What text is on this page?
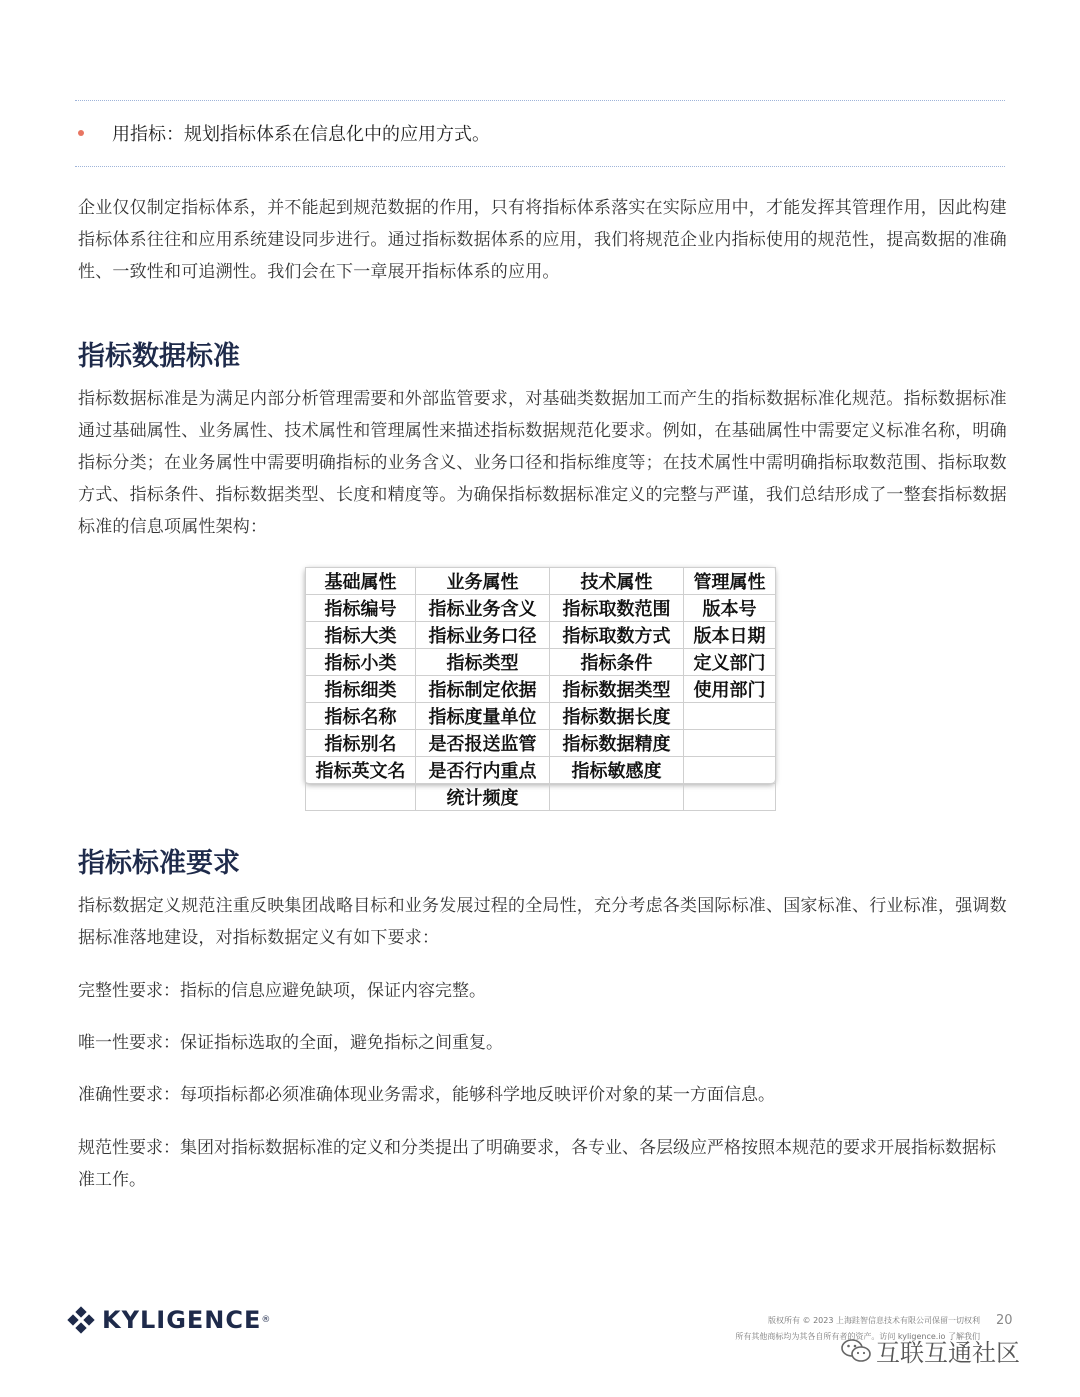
用指标：规划指标体系在信息化中的应用方式。

企业仅仅制定指标体系，并不能起到规范数据的作用，只有将指标体系落实在实际应用中，才能发挥其管理作用，因此构建指标体系往往和应用系统建设同步进行。通过指标数据体系的应用，我们将规范企业内指标使用的规范性，提高数据的准确性、一致性和可追溯性。我们会在下一章展开指标体系的应用。

指标数据标准

指标数据标准是为满足内部分析管理需要和外部监管要求，对基础类数据加工而产生的指标数据标准化规范。指标数据标准通过基础属性、业务属性、技术属性和管理属性来描述指标数据规范化要求。例如，在基础属性中需要定义标准名称，明确指标分类；在业务属性中需要明确指标的业务含义、业务口径和指标维度等；在技术属性中需明确指标取数范围、指标取数方式、指标条件、指标数据类型、长度和精度等。为确保指标数据标准定义的完整与严谨，我们总结形成了一整套指标数据标准的信息项属性架构：

基础属性	业务属性	技术属性	管理属性
指标编号	指标业务含义	指标取数范围	版本号
指标大类	指标业务口径	指标取数方式	版本日期
指标小类	指标类型	指标条件	定义部门
指标细类	指标制定依据	指标数据类型	使用部门
指标名称	指标度量单位	指标数据长度	
指标别名	是否报送监管	指标数据精度	
指标英文名	是否行内重点	指标敏感度	
	统计频度		
指标标准要求

指标数据定义规范注重反映集团战略目标和业务发展过程的全局性，充分考虑各类国际标准、国家标准、行业标准，强调数据标准落地建设，对指标数据定义有如下要求：

完整性要求：指标的信息应避免缺项，保证内容完整。

唯一性要求：保证指标选取的全面，避免指标之间重复。

准确性要求：每项指标都必须准确体现业务需求，能够科学地反映评价对象的某一方面信息。

规范性要求：集团对指标数据标准的定义和分类提出了明确要求，各专业、各层级应严格按照本规范的要求开展指标数据标准工作。

KYLIGENCE ®	版权所有 © 2023 上海跬智信息技术有限公司保留一切权利
所有其他商标均为其各自所有者的资产。访问 kyligence.io 了解我们
20
互联互通社区
